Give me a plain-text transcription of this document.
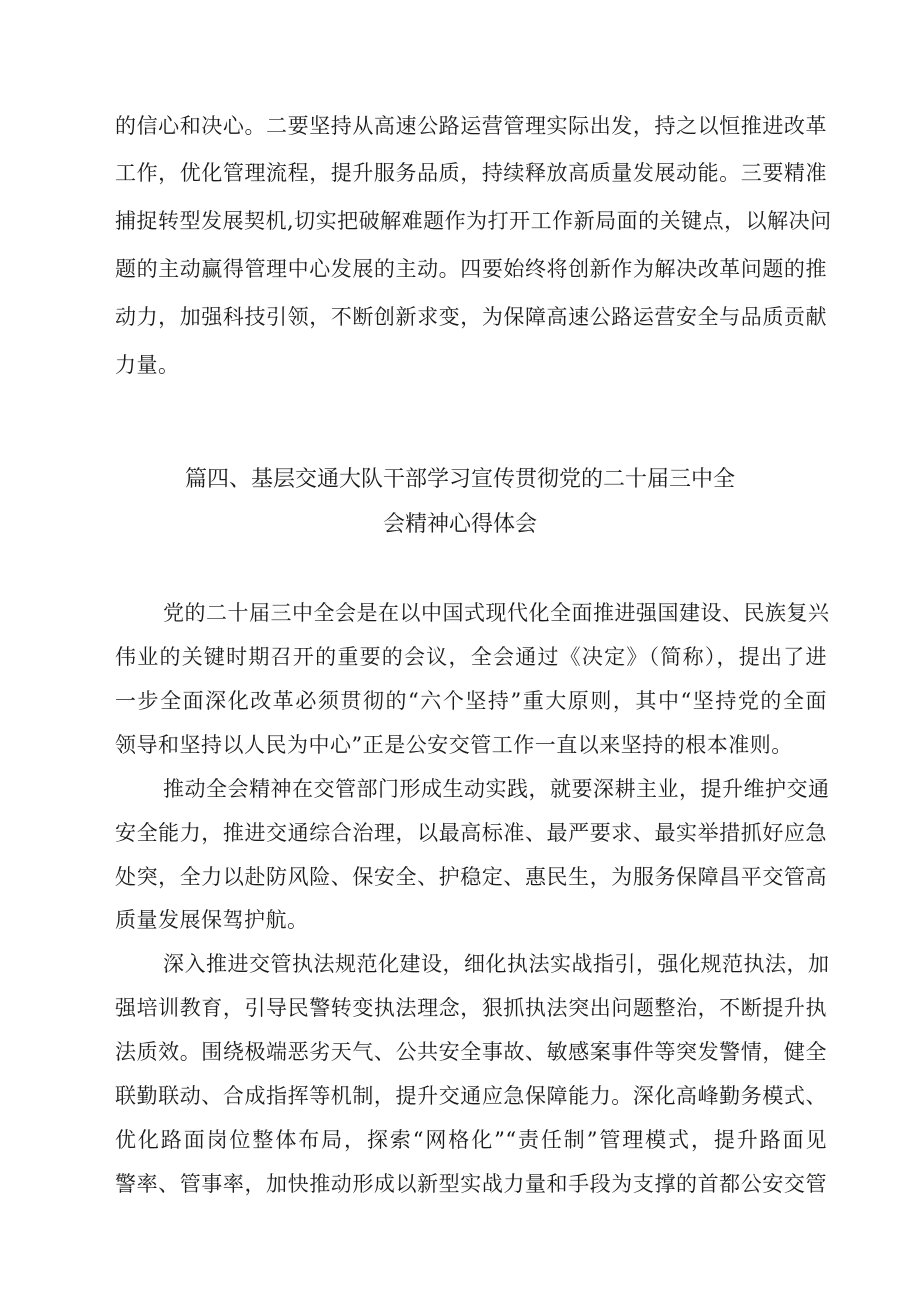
的信心和决心。二要坚持从高速公路运营管理实际出发，持之以恒推进改革
工作，优化管理流程，提升服务品质，持续释放高质量发展动能。三要精准
捕捉转型发展契机,切实把破解难题作为打开工作新局面的关键点，以解决问
题的主动赢得管理中心发展的主动。四要始终将创新作为解决改革问题的推
动力，加强科技引领，不断创新求变，为保障高速公路运营安全与品质贡献
力量。
篇四、基层交通大队干部学习宣传贯彻党的二十届三中全
会精神心得体会
党的二十届三中全会是在以中国式现代化全面推进强国建设、民族复兴
伟业的关键时期召开的重要的会议，全会通过《决定》（简称），提出了进
一步全面深化改革必须贯彻的“六个坚持”重大原则，其中“坚持党的全面
领导和坚持以人民为中心”正是公安交管工作一直以来坚持的根本准则。
推动全会精神在交管部门形成生动实践，就要深耕主业，提升维护交通
安全能力，推进交通综合治理，以最高标准、最严要求、最实举措抓好应急
处突，全力以赴防风险、保安全、护稳定、惠民生，为服务保障昌平交管高
质量发展保驾护航。
深入推进交管执法规范化建设，细化执法实战指引，强化规范执法，加
强培训教育，引导民警转变执法理念，狠抓执法突出问题整治，不断提升执
法质效。围绕极端恶劣天气、公共安全事故、敏感案事件等突发警情，健全
联勤联动、合成指挥等机制，提升交通应急保障能力。深化高峰勤务模式、
优化路面岗位整体布局，探索“网格化”“责任制”管理模式，提升路面见
警率、管事率，加快推动形成以新型实战力量和手段为支撑的首都公安交管
